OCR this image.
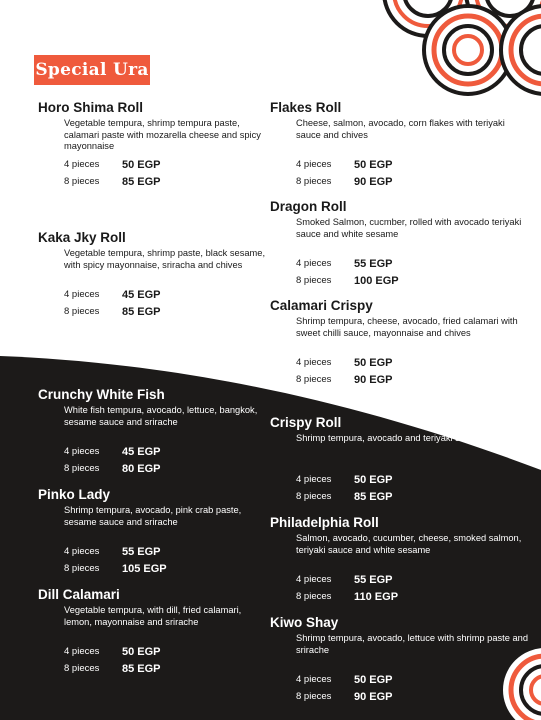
Special Ura
Horo Shima Roll
Vegetable tempura, shrimp tempura paste, calamari paste with mozarella cheese and spicy mayonnaise
4 pieces	50 EGP
8 pieces	85 EGP
Kaka Jky Roll
Vegetable tempura, shrimp paste, black sesame, with spicy mayonnaise, sriracha and chives
4 pieces	45 EGP
8 pieces	85 EGP
Crunchy White Fish
White fish tempura, avocado, lettuce, bangkok, sesame sauce and srirache
4 pieces	45 EGP
8 pieces	80 EGP
Pinko Lady
Shrimp tempura, avocado, pink crab paste, sesame sauce and srirache
4 pieces	55 EGP
8 pieces	105 EGP
Dill Calamari
Vegetable tempura, with dill, fried calamari, lemon, mayonnaise and srirache
4 pieces	50 EGP
8 pieces	85 EGP
Flakes Roll
Cheese, salmon, avocado, corn flakes with teriyaki sauce and chives
4 pieces	50 EGP
8 pieces	90 EGP
Dragon Roll
Smoked Salmon, cucmber, rolled with avocado teriyaki sauce and white sesame
4 pieces	55 EGP
8 pieces	100 EGP
Calamari Crispy
Shrimp tempura, cheese, avocado, fried calamari with sweet chilli sauce, mayonnaise and chives
4 pieces	50 EGP
8 pieces	90 EGP
Crispy Roll
Shrimp tempura, avocado and teriyaki sauce
4 pieces	50 EGP
8 pieces	85 EGP
Philadelphia Roll
Salmon, avocado, cucumber, cheese, smoked salmon, teriyaki sauce and white sesame
4 pieces	55 EGP
8 pieces	110 EGP
Kiwo Shay
Shrimp tempura, avocado, lettuce with shrimp paste and srirache
4 pieces	50 EGP
8 pieces	90 EGP
